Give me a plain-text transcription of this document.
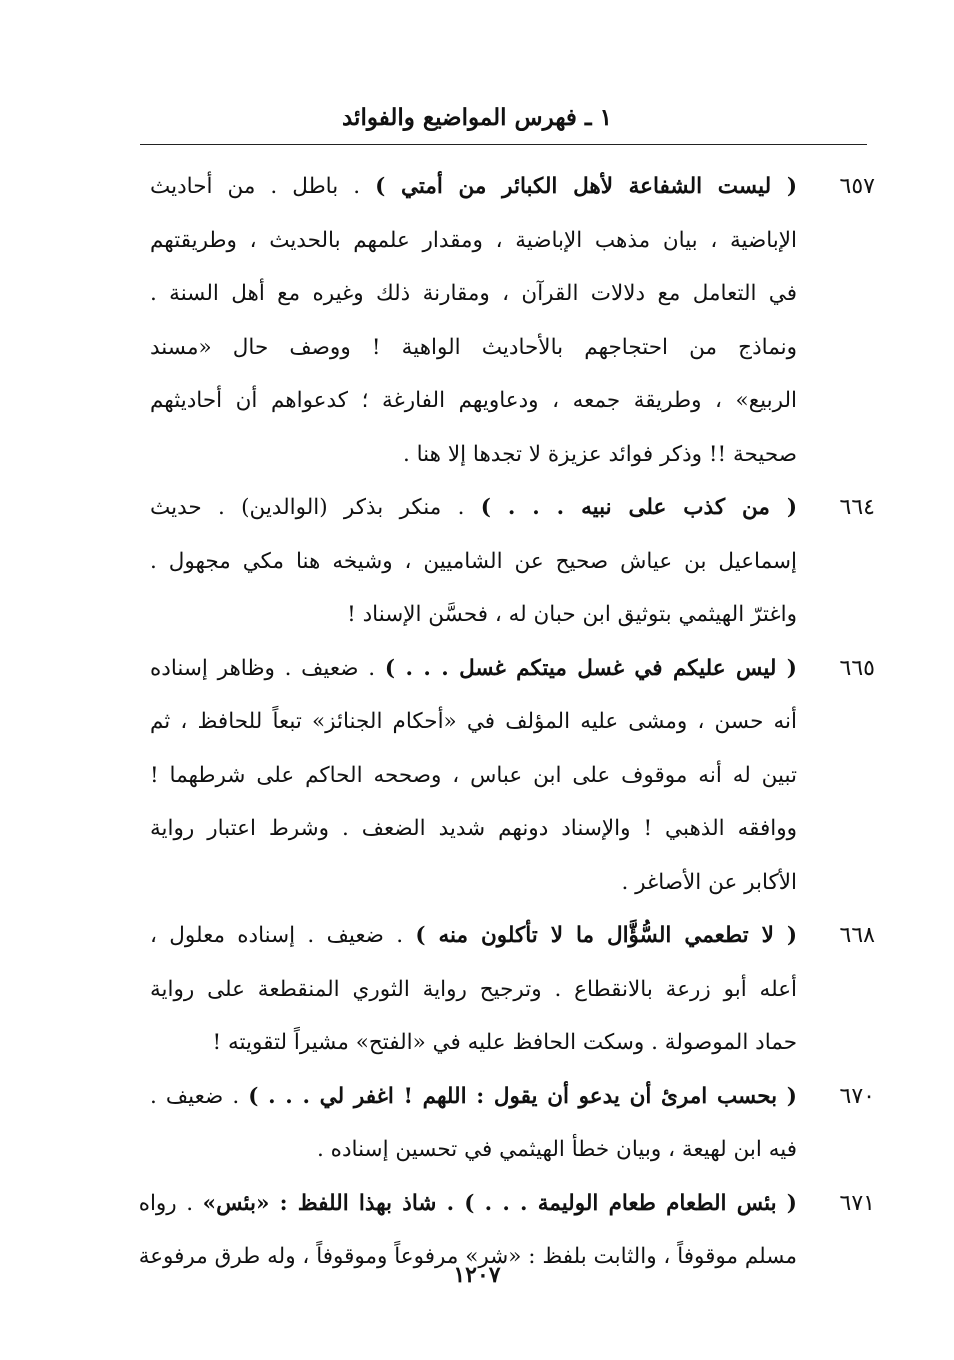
١ ـ فهرس المواضيع والفوائد
٦٥٧
( ليست الشفاعة لأهل الكبائر من أمتي ) . باطل . من أحاديث
الإباضية ، بيان مذهب الإباضية ، ومقدار علمهم بالحديث ، وطريقتهم
في التعامل مع دلالات القرآن ، ومقارنة ذلك وغيره مع أهل السنة .
ونماذج من احتجاجهم بالأحاديث الواهية ! ووصف حال «مسند
الربيع» ، وطريقة جمعه ، ودعاويهم الفارغة ؛ كدعواهم أن أحاديثهم
صحيحة !! وذكر فوائد عزيزة لا تجدها إلا هنا .
٦٦٤
( من كذب على نبيه . . . ) . منكر بذكر (الوالدين) . حديث
إسماعيل بن عياش صحيح عن الشاميين ، وشيخه هنا مكي مجهول .
واغترّ الهيثمي بتوثيق ابن حبان له ، فحسَّن الإسناد !
٦٦٥
( ليس عليكم في غسل ميتكم غسل . . . ) . ضعيف . وظاهر إسناده
أنه حسن ، ومشى عليه المؤلف في «أحكام الجنائز» تبعاً للحافظ ، ثم
تبين له أنه موقوف على ابن عباس ، وصححه الحاكم على شرطهما !
ووافقه الذهبي ! والإسناد دونهم شديد الضعف . وشرط اعتبار رواية
الأكابر عن الأصاغر .
٦٦٨
( لا تطعمي السُّؤَّال ما لا تأكلون منه ) . ضعيف . إسناده معلول ،
أعله أبو زرعة بالانقطاع . وترجيح رواية الثوري المنقطعة على رواية
حماد الموصولة . وسكت الحافظ عليه في «الفتح» مشيراً لتقويته !
٦٧٠
( بحسب امرئ أن يدعو أن يقول : اللهم ! اغفر لي . . . ) . ضعيف .
فيه ابن لهيعة ، وبيان خطأ الهيثمي في تحسين إسناده .
٦٧١
( بئس الطعام طعام الوليمة . . . ) . شاذ بهذا اللفظ : «بئس» . رواه
مسلم موقوفاً ، والثابت بلفظ : «شر» مرفوعاً وموقوفاً ، وله طرق مرفوعة
١٢٠٧
